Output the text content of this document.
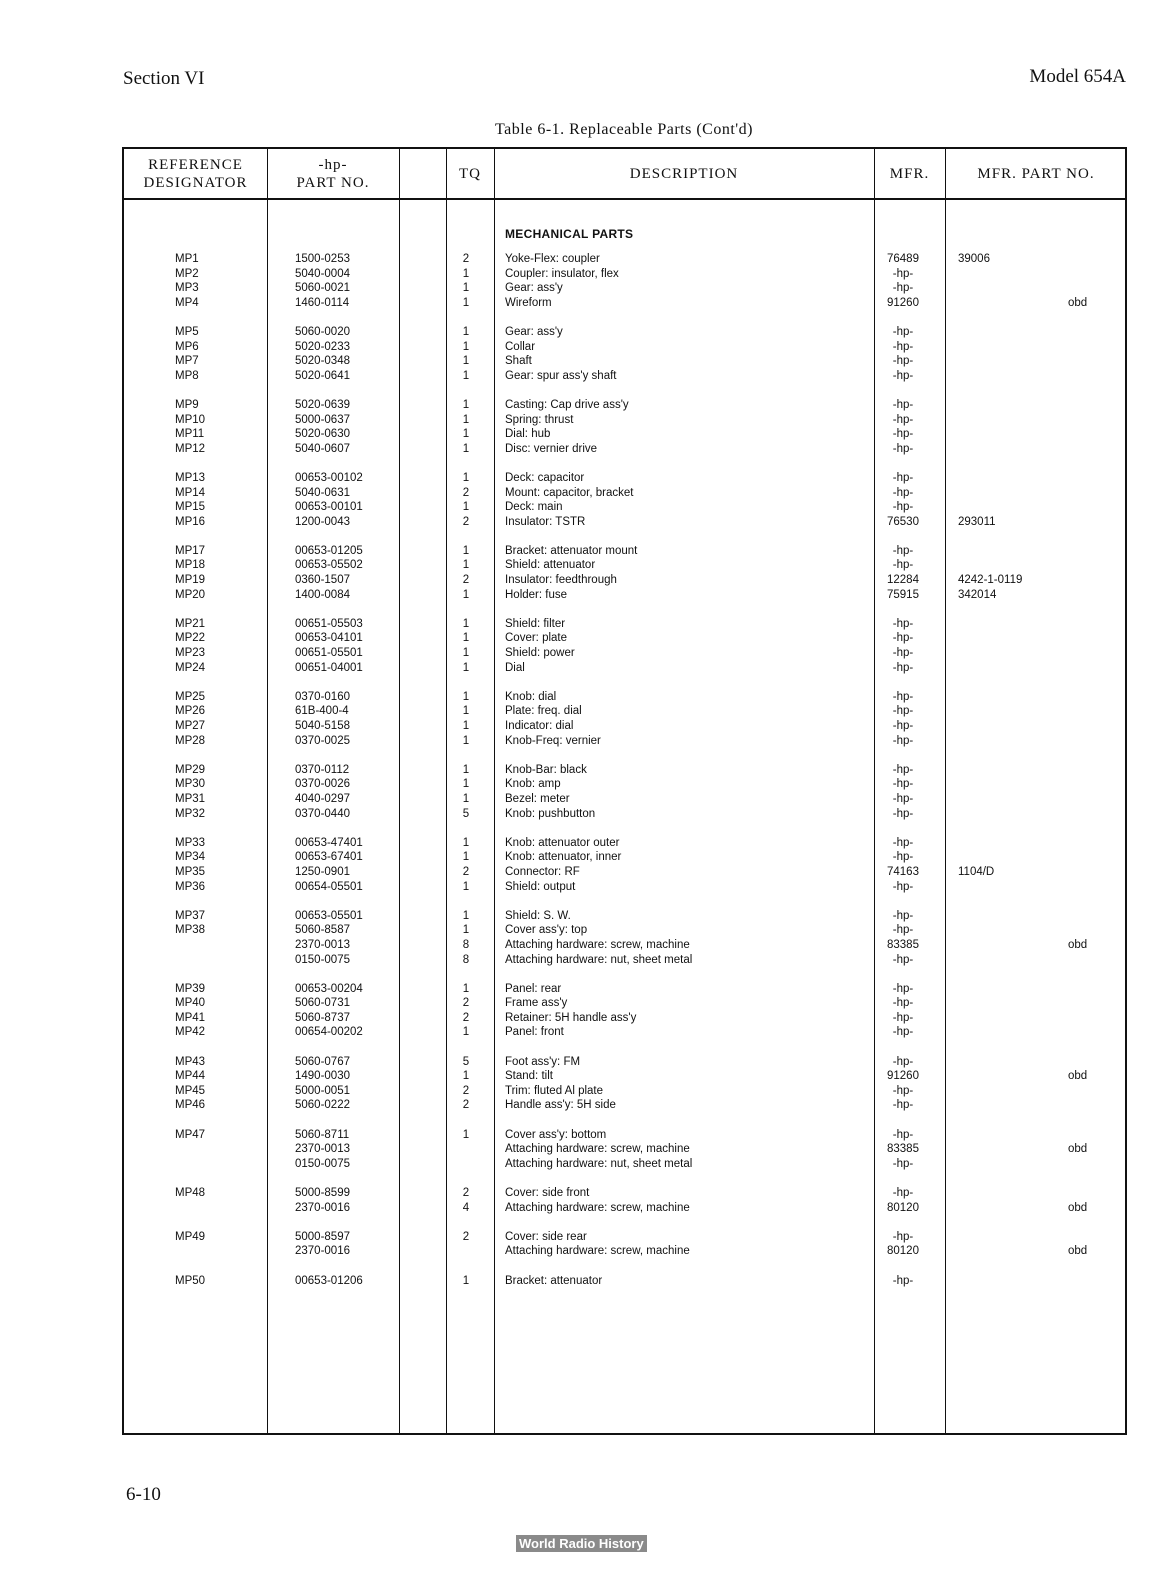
Section VI	Model 654A
Table 6-1. Replaceable Parts (Cont'd)
REFERENCE
DESIGNATOR
-hp-
PART NO.
TQ	DESCRIPTION	MFR.	MFR. PART NO.
MECHANICAL PARTS
MP1	1500-0253	2	Yoke-Flex: coupler	76489	39006
MP2	5040-0004	1	Coupler: insulator, flex	-hp-
MP3	5060-0021	1	Gear: ass'y	-hp-
MP4	1460-0114	1	Wireform	91260	obd
MP5	5060-0020	1	Gear: ass'y	-hp-
MP6	5020-0233	1	Collar	-hp-
MP7	5020-0348	1	Shaft	-hp-
MP8	5020-0641	1	Gear: spur ass'y shaft	-hp-
MP9	5020-0639	1	Casting: Cap drive ass'y	-hp-
MP10	5000-0637	1	Spring: thrust	-hp-
MP11	5020-0630	1	Dial: hub	-hp-
MP12	5040-0607	1	Disc: vernier drive	-hp-
MP13	00653-00102	1	Deck: capacitor	-hp-
MP14	5040-0631	2	Mount: capacitor, bracket	-hp-
MP15	00653-00101	1	Deck: main	-hp-
MP16	1200-0043	2	Insulator: TSTR	76530	293011
MP17	00653-01205	1	Bracket: attenuator mount	-hp-
MP18	00653-05502	1	Shield: attenuator	-hp-
MP19	0360-1507	2	Insulator: feedthrough	12284	4242-1-0119
MP20	1400-0084	1	Holder: fuse	75915	342014
MP21	00651-05503	1	Shield: filter	-hp-
MP22	00653-04101	1	Cover: plate	-hp-
MP23	00651-05501	1	Shield: power	-hp-
MP24	00651-04001	1	Dial	-hp-
MP25	0370-0160	1	Knob: dial	-hp-
MP26	61B-400-4	1	Plate: freq. dial	-hp-
MP27	5040-5158	1	Indicator: dial	-hp-
MP28	0370-0025	1	Knob-Freq: vernier	-hp-
MP29	0370-0112	1	Knob-Bar: black	-hp-
MP30	0370-0026	1	Knob: amp	-hp-
MP31	4040-0297	1	Bezel: meter	-hp-
MP32	0370-0440	5	Knob: pushbutton	-hp-
MP33	00653-47401	1	Knob: attenuator outer	-hp-
MP34	00653-67401	1	Knob: attenuator, inner	-hp-
MP35	1250-0901	2	Connector: RF	74163	1104/D
MP36	00654-05501	1	Shield: output	-hp-
MP37	00653-05501	1	Shield: S. W.	-hp-
MP38	5060-8587	1	Cover ass'y: top	-hp-
2370-0013	8	Attaching hardware: screw, machine	83385	obd
0150-0075	8	Attaching hardware: nut, sheet metal	-hp-
MP39	00653-00204	1	Panel: rear	-hp-
MP40	5060-0731	2	Frame ass'y	-hp-
MP41	5060-8737	2	Retainer: 5H handle ass'y	-hp-
MP42	00654-00202	1	Panel: front	-hp-
MP43	5060-0767	5	Foot ass'y: FM	-hp-
MP44	1490-0030	1	Stand: tilt	91260	obd
MP45	5000-0051	2	Trim: fluted Al plate	-hp-
MP46	5060-0222	2	Handle ass'y: 5H side	-hp-
MP47	5060-8711	1	Cover ass'y: bottom	-hp-
2370-0013	Attaching hardware: screw, machine	83385	obd
0150-0075	Attaching hardware: nut, sheet metal	-hp-
MP48	5000-8599	2	Cover: side front	-hp-
2370-0016	4	Attaching hardware: screw, machine	80120	obd
MP49	5000-8597	2	Cover: side rear	-hp-
2370-0016	Attaching hardware: screw, machine	80120	obd
MP50	00653-01206	1	Bracket: attenuator	-hp-
6-10
World Radio History
